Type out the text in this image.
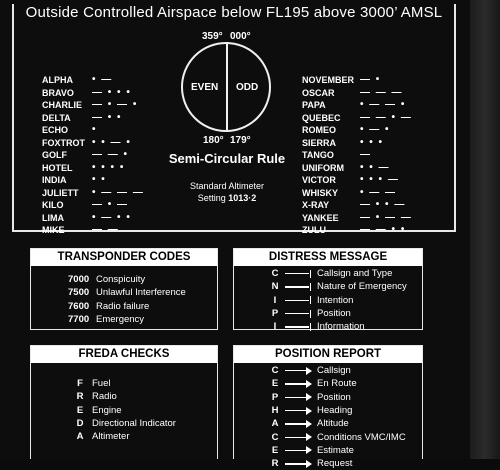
Outside Controlled Airspace below FL195 above 3000’ AMSL
ALPHA	• —
BRAVO	— • • •
CHARLIE	— • — •
DELTA	— • •
ECHO	•
FOXTROT • • — •
GOLF	— — •
HOTEL	• • • •
INDIA	• •
JULIETT	• — — —
KILO	— • —
LIMA	• — • •
MIKE	— —
NOVEMBER — •
OSCAR	— — —
PAPA	• — — •
QUEBEC	— — • —
ROMEO	• — •
SIERRA	• • •
TANGO	—
UNIFORM	• • —
VICTOR	• • • —
WHISKY	• — —
X-RAY	— • • —
YANKEE	— • — —
ZULU	— — • •
359° 000°
180° 179°
EVEN ODD
Semi-Circular Rule
Standard Altimeter
Setting 1013·2
TRANSPONDER CODES
7000 Conspicuity
7500 Unlawful Interference
7600 Radio failure
7700 Emergency
DISTRESS MESSAGE
C	Callsign and Type
N	Nature of Emergency
I	Intention
P	Position
I	Information
FREDA CHECKS
F Fuel
R Radio
E Engine
D Directional Indicator
A Altimeter
POSITION REPORT
C	Callsign
E	En Route
P	Position
H	Heading
A	Altitude
C	Conditions VMC/IMC
E	Estimate
R	Request
